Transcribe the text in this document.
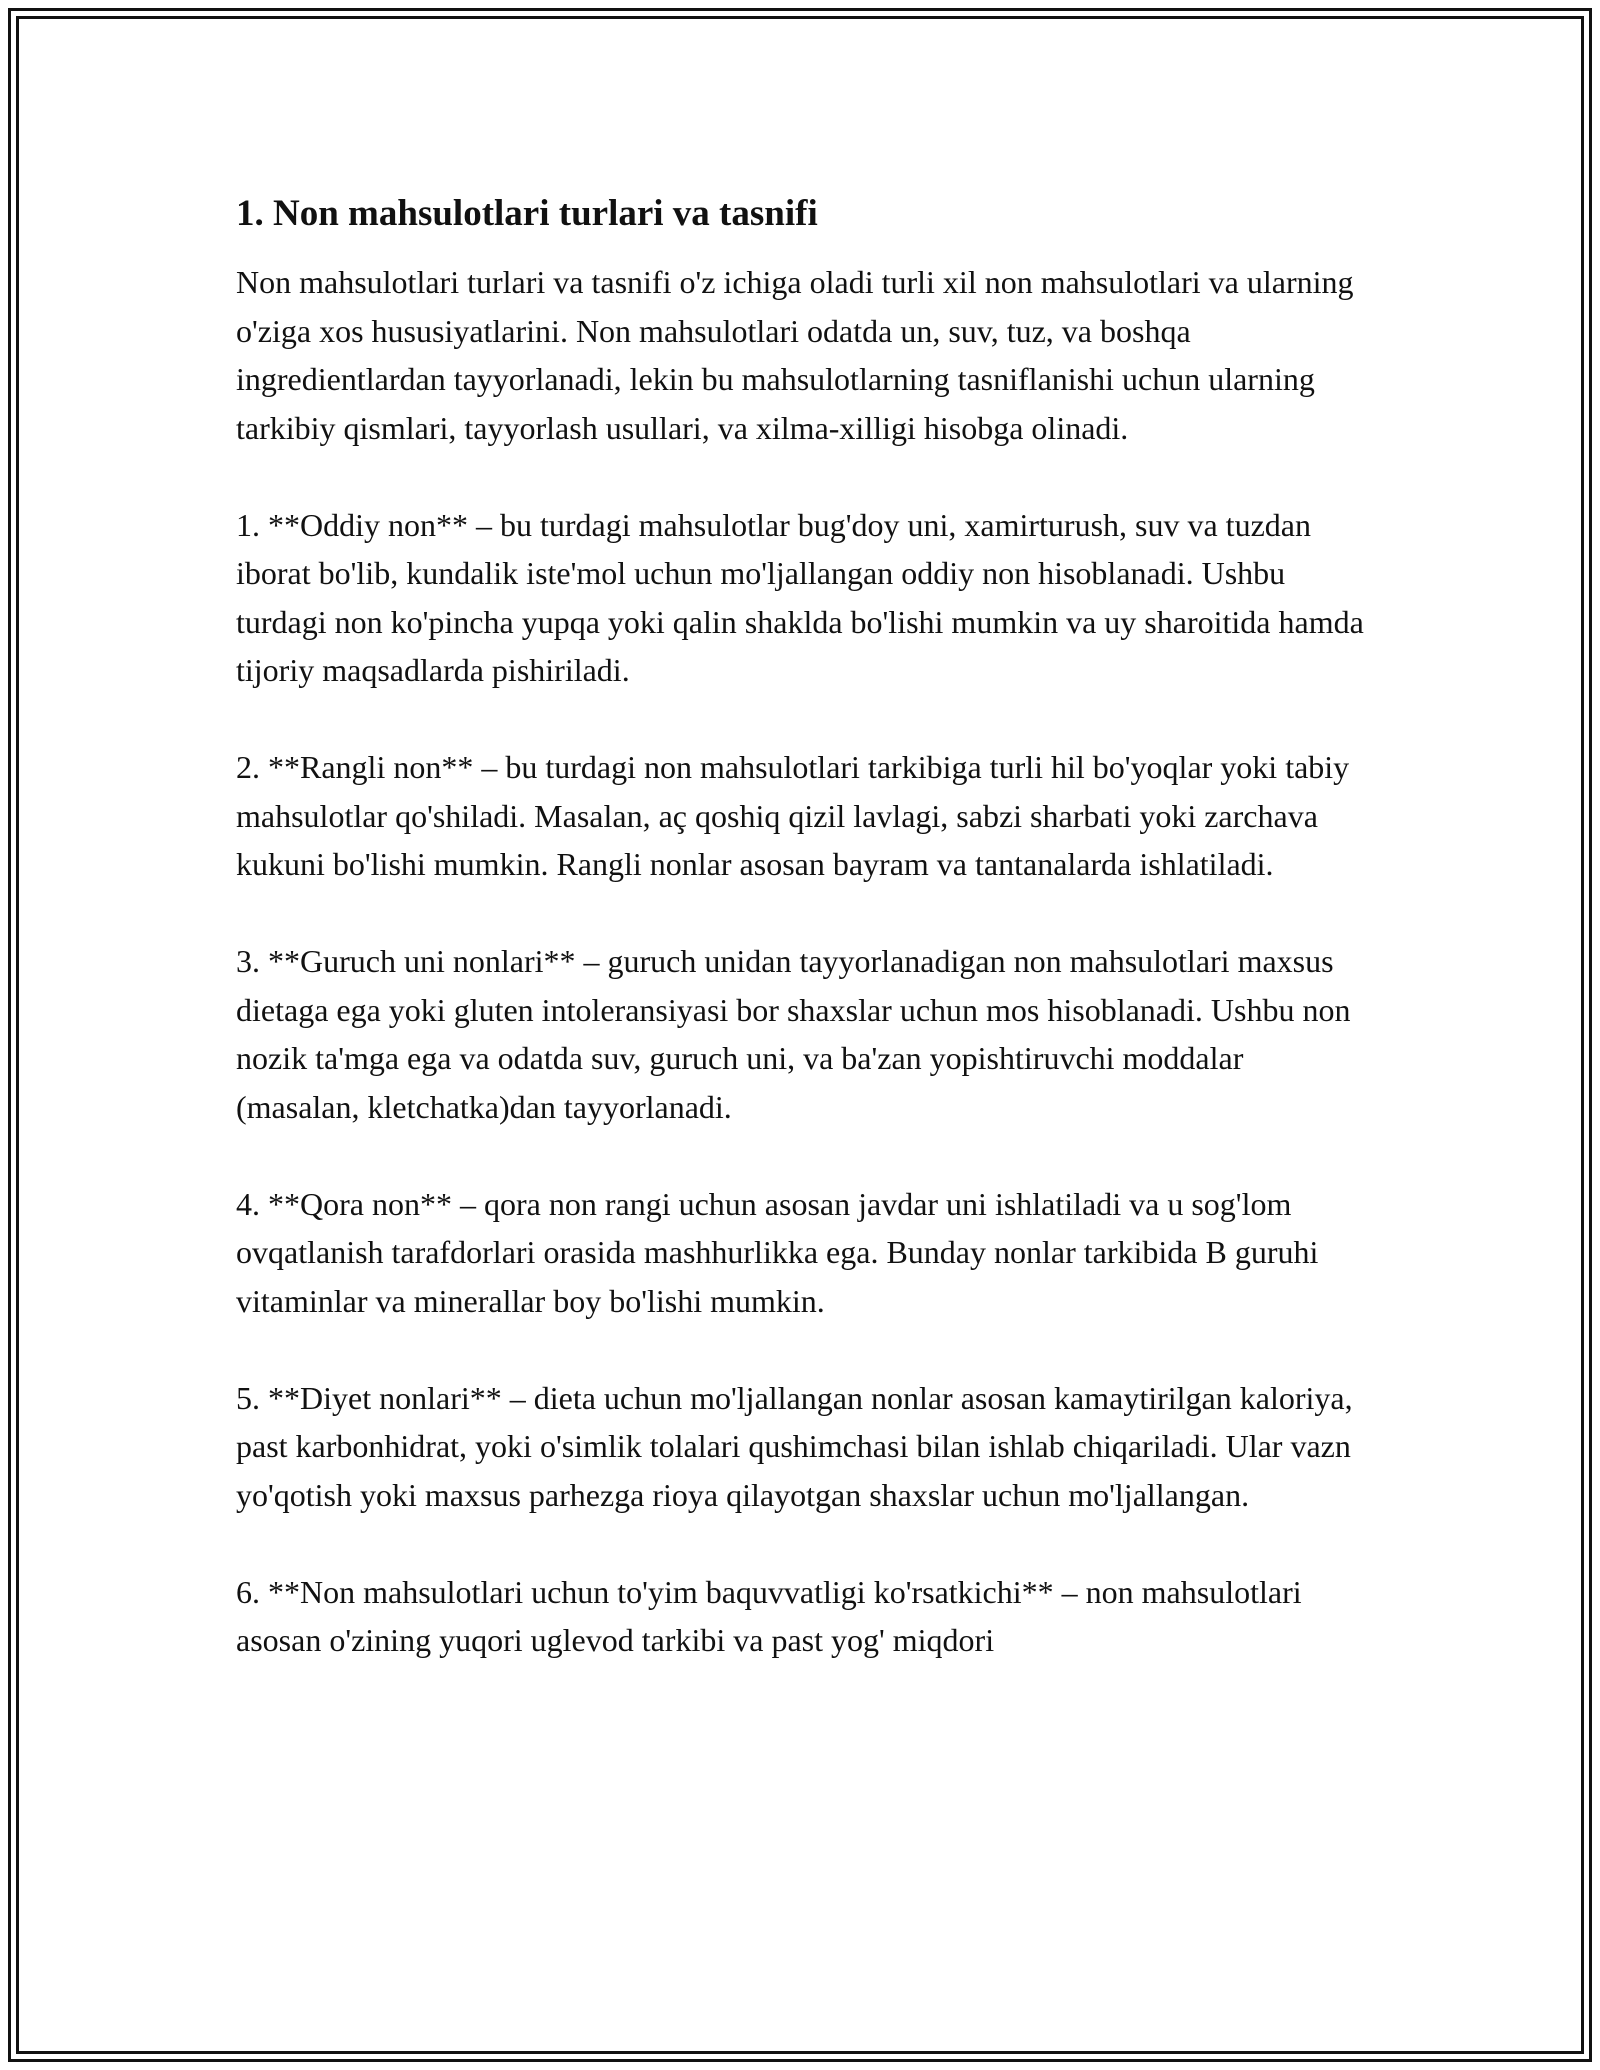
1. Non mahsulotlari turlari va tasnifi

Non mahsulotlari turlari va tasnifi o'z ichiga oladi turli xil non mahsulotlari va ularning o'ziga xos hususiyatlarini. Non mahsulotlari odatda un, suv, tuz, va boshqa ingredientlardan tayyorlanadi, lekin bu mahsulotlarning tasniflanishi uchun ularning tarkibiy qismlari, tayyorlash usullari, va xilma-xilligi hisobga olinadi.

1. **Oddiy non** – bu turdagi mahsulotlar bug'doy uni, xamirturush, suv va tuzdan iborat bo'lib, kundalik iste'mol uchun mo'ljallangan oddiy non hisoblanadi. Ushbu turdagi non ko'pincha yupqa yoki qalin shaklda bo'lishi mumkin va uy sharoitida hamda tijoriy maqsadlarda pishiriladi.

2. **Rangli non** – bu turdagi non mahsulotlari tarkibiga turli hil bo'yoqlar yoki tabiy mahsulotlar qo'shiladi. Masalan, aç qoshiq qizil lavlagi, sabzi sharbati yoki zarchava kukuni bo'lishi mumkin. Rangli nonlar asosan bayram va tantanalarda ishlatiladi.

3. **Guruch uni nonlari** – guruch unidan tayyorlanadigan non mahsulotlari maxsus dietaga ega yoki gluten intoleransiyasi bor shaxslar uchun mos hisoblanadi. Ushbu non nozik ta'mga ega va odatda suv, guruch uni, va ba'zan yopishtiruvchi moddalar (masalan, kletchatka)dan tayyorlanadi.

4. **Qora non** – qora non rangi uchun asosan javdar uni ishlatiladi va u sog'lom ovqatlanish tarafdorlari orasida mashhurlikka ega. Bunday nonlar tarkibida B guruhi vitaminlar va minerallar boy bo'lishi mumkin.

5. **Diyet nonlari** – dieta uchun mo'ljallangan nonlar asosan kamaytirilgan kaloriya, past karbonhidrat, yoki o'simlik tolalari qushimchasi bilan ishlab chiqariladi. Ular vazn yo'qotish yoki maxsus parhezga rioya qilayotgan shaxslar uchun mo'ljallangan.

6. **Non mahsulotlari uchun to'yim baquvvatligi ko'rsatkichi** – non mahsulotlari asosan o'zining yuqori uglevod tarkibi va past yog' miqdori
